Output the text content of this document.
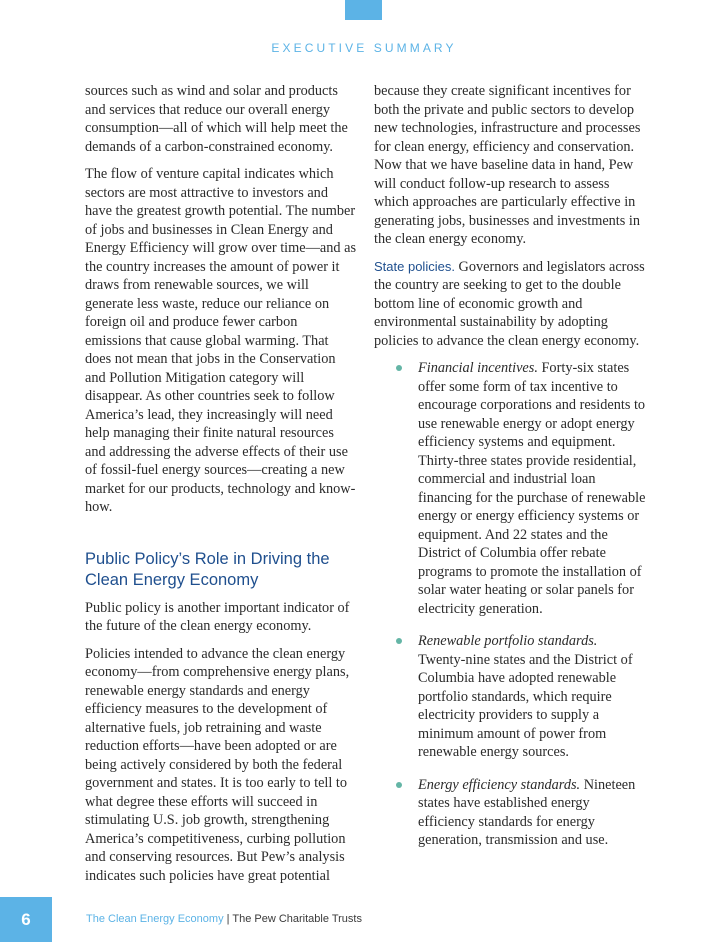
EXECUTIVE SUMMARY

sources such as wind and solar and products and services that reduce our overall energy consumption—all of which will help meet the demands of a carbon-constrained economy.

The flow of venture capital indicates which sectors are most attractive to investors and have the greatest growth potential. The number of jobs and businesses in Clean Energy and Energy Efficiency will grow over time—and as the country increases the amount of power it draws from renewable sources, we will generate less waste, reduce our reliance on foreign oil and produce fewer carbon emissions that cause global warming. That does not mean that jobs in the Conservation and Pollution Mitigation category will disappear. As other countries seek to follow America’s lead, they increasingly will need help managing their finite natural resources and addressing the adverse effects of their use of fossil-fuel energy sources—creating a new market for our products, technology and know-how.

Public Policy’s Role in Driving the Clean Energy Economy

Public policy is another important indicator of the future of the clean energy economy.

Policies intended to advance the clean energy economy—from comprehensive energy plans, renewable energy standards and energy efficiency measures to the development of alternative fuels, job retraining and waste reduction efforts—have been adopted or are being actively considered by both the federal government and states. It is too early to tell to what degree these efforts will succeed in stimulating U.S. job growth, strengthening America’s competitiveness, curbing pollution and conserving resources. But Pew’s analysis indicates such policies have great potential

because they create significant incentives for both the private and public sectors to develop new technologies, infrastructure and processes for clean energy, efficiency and conservation. Now that we have baseline data in hand, Pew will conduct follow-up research to assess which approaches are particularly effective in generating jobs, businesses and investments in the clean energy economy.

State policies. Governors and legislators across the country are seeking to get to the double bottom line of economic growth and environmental sustainability by adopting policies to advance the clean energy economy.

Financial incentives. Forty-six states offer some form of tax incentive to encourage corporations and residents to use renewable energy or adopt energy efficiency systems and equipment. Thirty-three states provide residential, commercial and industrial loan financing for the purchase of renewable energy or energy efficiency systems or equipment. And 22 states and the District of Columbia offer rebate programs to promote the installation of solar water heating or solar panels for electricity generation.
Renewable portfolio standards. Twenty-nine states and the District of Columbia have adopted renewable portfolio standards, which require electricity providers to supply a minimum amount of power from renewable energy sources.
Energy efficiency standards. Nineteen states have established energy efficiency standards for energy generation, transmission and use.
6	The Clean Energy Economy | The Pew Charitable Trusts
